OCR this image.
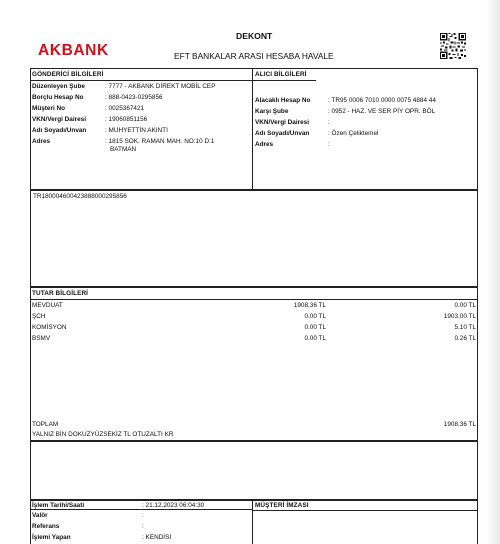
AKBANK
DEKONT
EFT BANKALAR ARASI HESABA HAVALE
GÖNDERİCİ BİLGİLERİ
Düzenleyen Şube	: 7777 - AKBANK DİREKT MOBİL CEP
Borçlu Hesap No	: 888-0423-0295856
Müşteri No	: 0025367421
VKN/Vergi Dairesi	: 19060851156
Adı Soyadı/Unvan	: MUHYETTİN AKINTI
Adres	: 1815 SOK. RAMAN MAH. NO:10 D:1
BATMAN
ALICI BİLGİLERİ
Alacaklı Hesap No	: TR95 0006 7010 0000 0075 4884 44
Karşı Şube	: 0952 - HAZ. VE SER PİY OPR. BÖL
VKN/Vergi Dairesi	:
Adı Soyadı/Unvan	: Özen Çeliktemel
Adres	:
TR180004600423888000295856
TUTAR BİLGİLERİ
MEVDUAT	1908.36 TL	0.00 TL
ŞCH	0.00 TL	1903.00 TL
KOMİSYON	0.00 TL	5.10 TL
BSMV	0.00 TL	0.26 TL
TOPLAM	1908.36 TL
YALNIZ BİN DOKUZYÜZSEKİZ TL OTUZALTI KR
İşlem Tarihi/Saati	: 21.12.2023 06:04:30
Valör	:
Referans	:
İşlemi Yapan	: KENDİSİ
MÜŞTERİ İMZASI
